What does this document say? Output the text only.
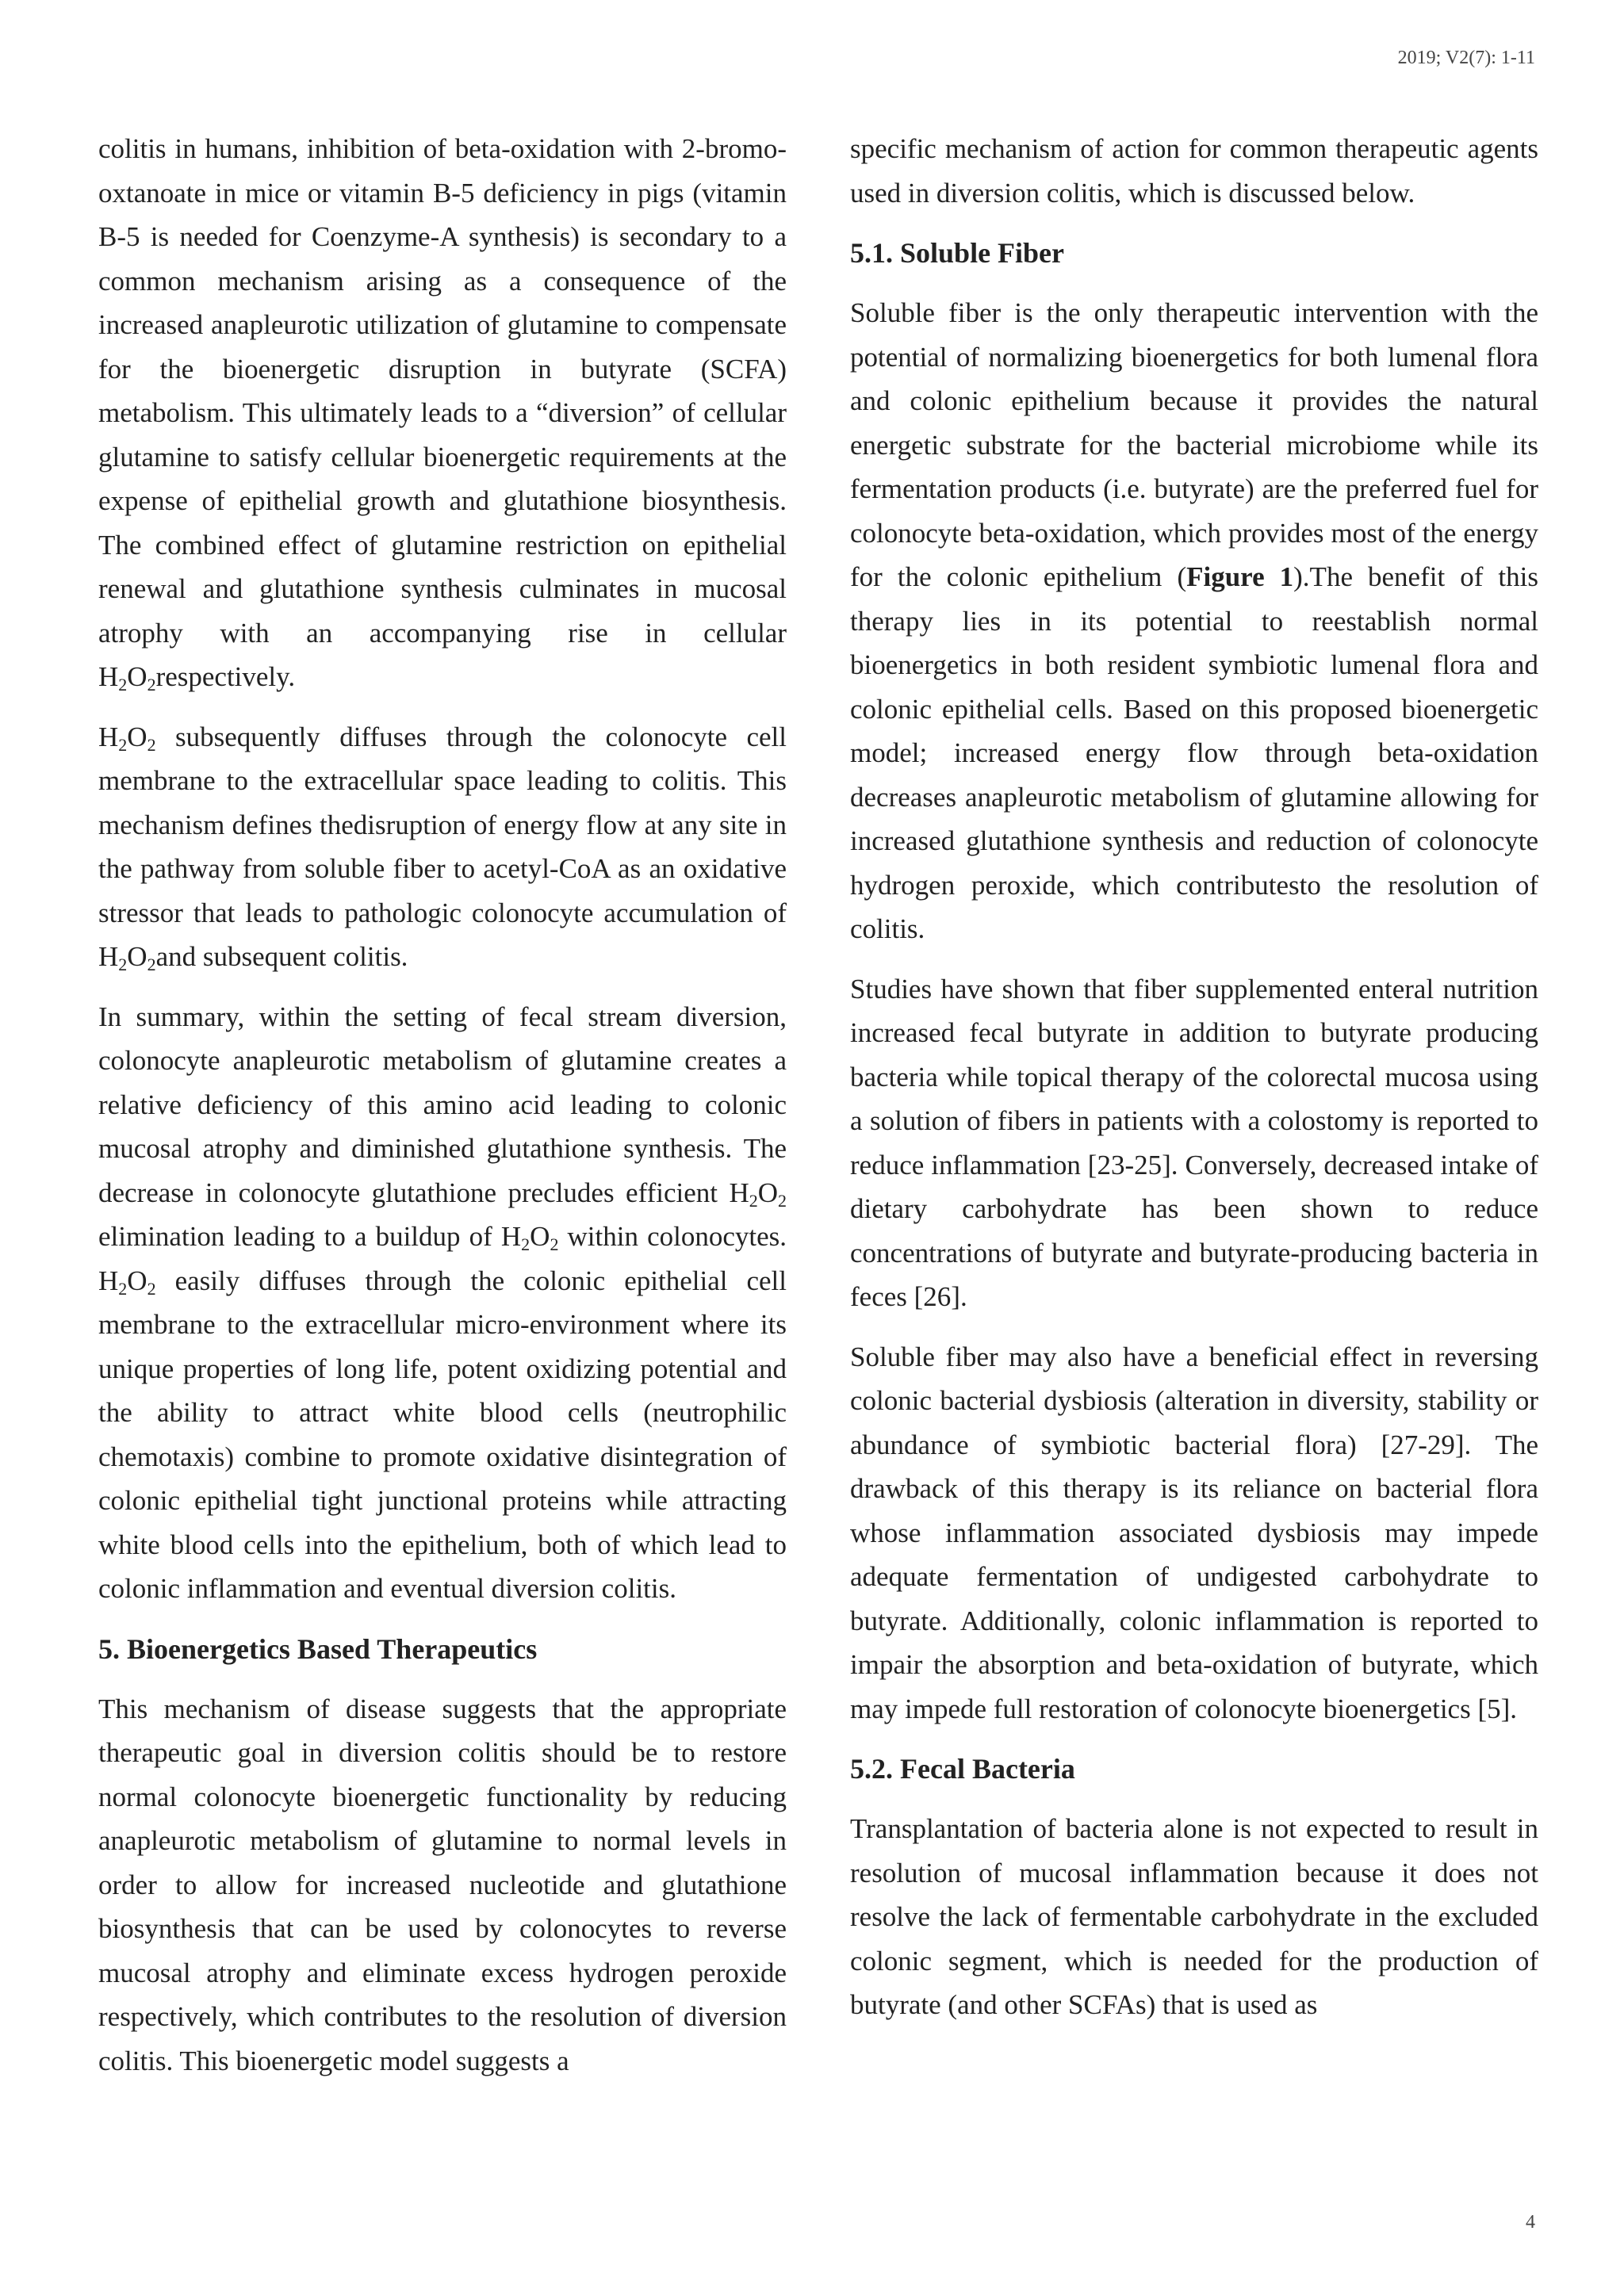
2019; V2(7): 1-11

colitis in humans, inhibition of beta-oxidation with 2-bromo-oxtanoate in mice or vitamin B-5 deficiency in pigs (vitamin B-5 is needed for Coenzyme-A synthesis) is secondary to a common mechanism arising as a consequence of the increased anapleurotic utilization of glutamine to compensate for the bioenergetic disruption in butyrate (SCFA) metabolism. This ultimately leads to a “diversion” of cellular glutamine to satisfy cellular bioenergetic requirements at the expense of epithelial growth and glutathione biosynthesis. The combined effect of glutamine restriction on epithelial renewal and glutathione synthesis culminates in mucosal atrophy with an accompanying rise in cellular $H_2O_2respectively$.

$H_2O_2$ subsequently diffuses through the colonocyte cell membrane to the extracellular space leading to colitis. This mechanism defines thedisruption of energy flow at any site in the pathway from soluble fiber to acetyl-CoA as an oxidative stressor that leads to pathologic colonocyte accumulation of $H_2O_2and$ subsequent colitis.

In summary, within the setting of fecal stream diversion, colonocyte anapleurotic metabolism of glutamine creates a relative deficiency of this amino acid leading to colonic mucosal atrophy and diminished glutathione synthesis. The decrease in colonocyte glutathione precludes efficient $H_2O_2$ elimination leading to a buildup of $H_2O_2$ within colonocytes. $H_2O_2$ easily diffuses through the colonic epithelial cell membrane to the extracellular micro-environment where its unique properties of long life, potent oxidizing potential and the ability to attract white blood cells (neutrophilic chemotaxis) combine to promote oxidative disintegration of colonic epithelial tight junctional proteins while attracting white blood cells into the epithelium, both of which lead to colonic inflammation and eventual diversion colitis.

5. Bioenergetics Based Therapeutics

This mechanism of disease suggests that the appropriate therapeutic goal in diversion colitis should be to restore normal colonocyte bioenergetic functionality by reducing anapleurotic metabolism of glutamine to normal levels in order to allow for increased nucleotide and glutathione biosynthesis that can be used by colonocytes to reverse mucosal atrophy and eliminate excess hydrogen peroxide respectively, which contributes to the resolution of diversion colitis. This bioenergetic model suggests a

specific mechanism of action for common therapeutic agents used in diversion colitis, which is discussed below.

5.1. Soluble Fiber

Soluble fiber is the only therapeutic intervention with the potential of normalizing bioenergetics for both lumenal flora and colonic epithelium because it provides the natural energetic substrate for the bacterial microbiome while its fermentation products (i.e. butyrate) are the preferred fuel for colonocyte beta-oxidation, which provides most of the energy for the colonic epithelium (Figure 1).The benefit of this therapy lies in its potential to reestablish normal bioenergetics in both resident symbiotic lumenal flora and colonic epithelial cells. Based on this proposed bioenergetic model; increased energy flow through beta-oxidation decreases anapleurotic metabolism of glutamine allowing for increased glutathione synthesis and reduction of colonocyte hydrogen peroxide, which contributesto the resolution of colitis.

Studies have shown that fiber supplemented enteral nutrition increased fecal butyrate in addition to butyrate producing bacteria while topical therapy of the colorectal mucosa using a solution of fibers in patients with a colostomy is reported to reduce inflammation [23-25]. Conversely, decreased intake of dietary carbohydrate has been shown to reduce concentrations of butyrate and butyrate-producing bacteria in feces [26].

Soluble fiber may also have a beneficial effect in reversing colonic bacterial dysbiosis (alteration in diversity, stability or abundance of symbiotic bacterial flora) [27-29]. The drawback of this therapy is its reliance on bacterial flora whose inflammation associated dysbiosis may impede adequate fermentation of undigested carbohydrate to butyrate. Additionally, colonic inflammation is reported to impair the absorption and beta-oxidation of butyrate, which may impede full restoration of colonocyte bioenergetics [5].

5.2. Fecal Bacteria

Transplantation of bacteria alone is not expected to result in resolution of mucosal inflammation because it does not resolve the lack of fermentable carbohydrate in the excluded colonic segment, which is needed for the production of butyrate (and other SCFAs) that is used as

4
